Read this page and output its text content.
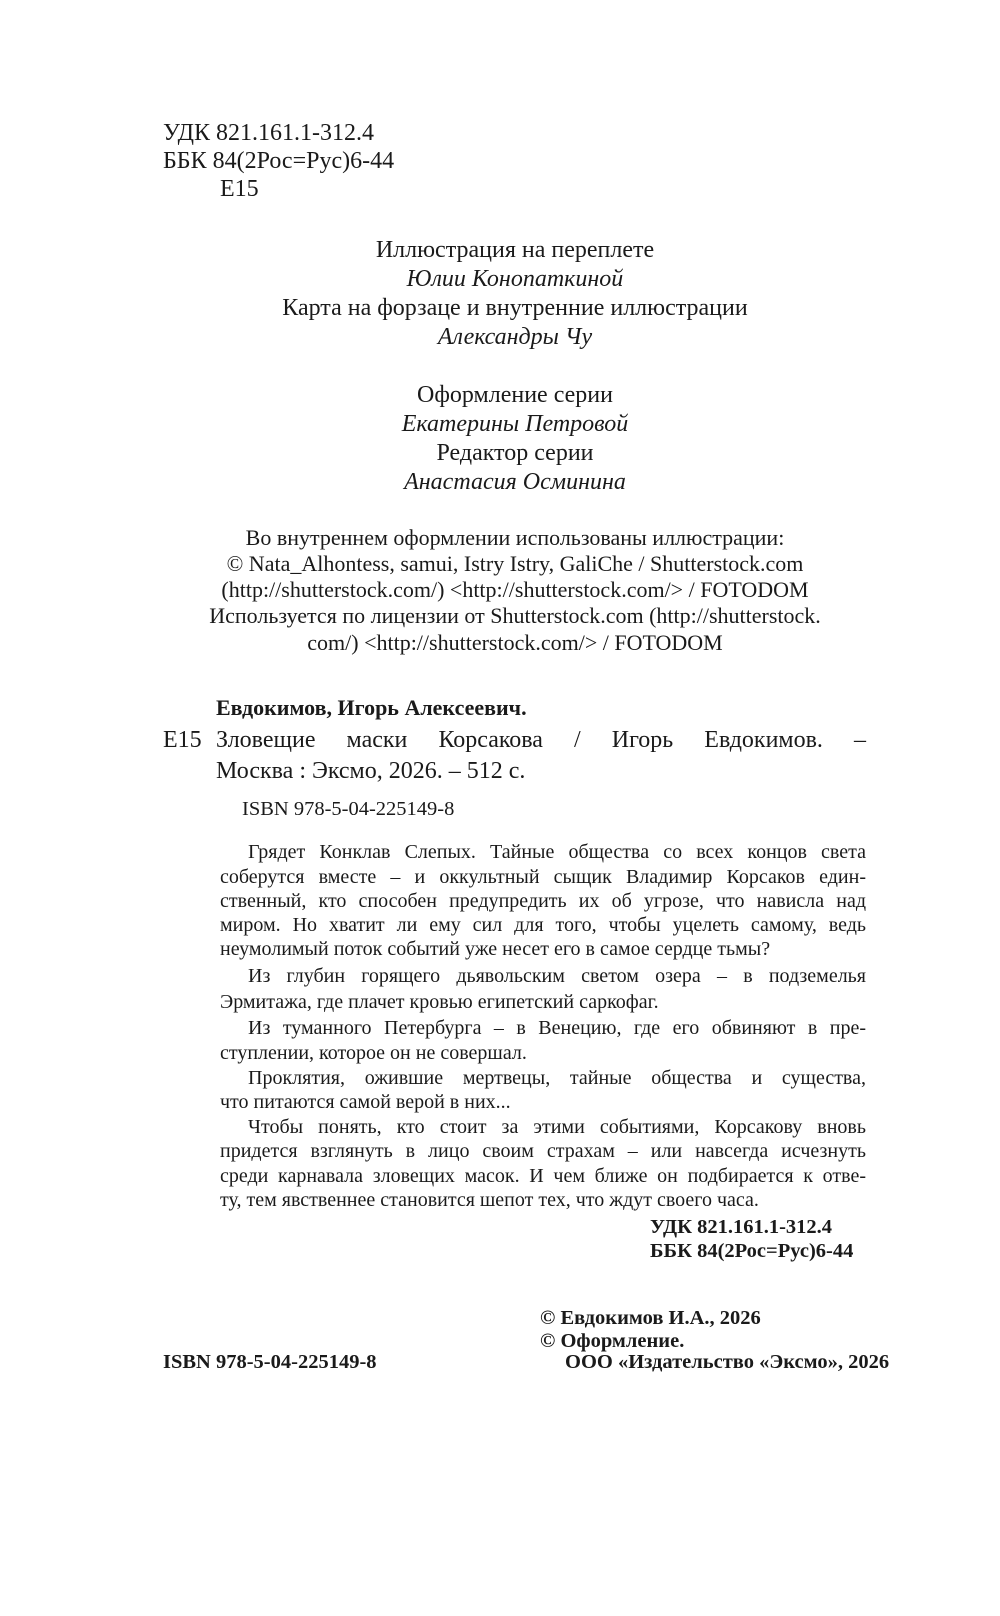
УДК 821.161.1-312.4
ББК 84(2Рос=Рус)6-44
Е15
Иллюстрация на переплете
Юлии Конопаткиной
Карта на форзаце и внутренние иллюстрации
Александры Чу
Оформление серии
Екатерины Петровой
Редактор серии
Анастасия Осминина
Во внутреннем оформлении использованы иллюстрации:
© Nata_Alhontess, samui, Istry Istry, GaliChe / Shutterstock.com
(http://shutterstock.com/) <http://shutterstock.com/> / FOTODOM
Используется по лицензии от Shutterstock.com (http://shutterstock.
com/) <http://shutterstock.com/> / FOTODOM
Евдокимов, Игорь Алексеевич.
Е15 Зловещие маски Корсакова / Игорь Евдокимов. –
Москва : Эксмо, 2026. – 512 с.
ISBN 978-5-04-225149-8
Грядет Конклав Слепых. Тайные общества со всех концов света
соберутся вместе – и оккультный сыщик Владимир Корсаков един-
ственный, кто способен предупредить их об угрозе, что нависла над
миром. Но хватит ли ему сил для того, чтобы уцелеть самому, ведь
неумолимый поток событий уже несет его в самое сердце тьмы?
Из глубин горящего дьявольским светом озера – в подземелья
Эрмитажа, где плачет кровью египетский саркофаг.
Из туманного Петербурга – в Венецию, где его обвиняют в пре-
ступлении, которое он не совершал.
Проклятия, ожившие мертвецы, тайные общества и существа,
что питаются самой верой в них...
Чтобы понять, кто стоит за этими событиями, Корсакову вновь
придется взглянуть в лицо своим страхам – или навсегда исчезнуть
среди карнавала зловещих масок. И чем ближе он подбирается к отве-
ту, тем явственнее становится шепот тех, что ждут своего часа.
УДК 821.161.1-312.4
ББК 84(2Рос=Рус)6-44
© Евдокимов И.А., 2026
© Оформление.
ООО «Издательство «Эксмо», 2026
ISBN 978-5-04-225149-8
